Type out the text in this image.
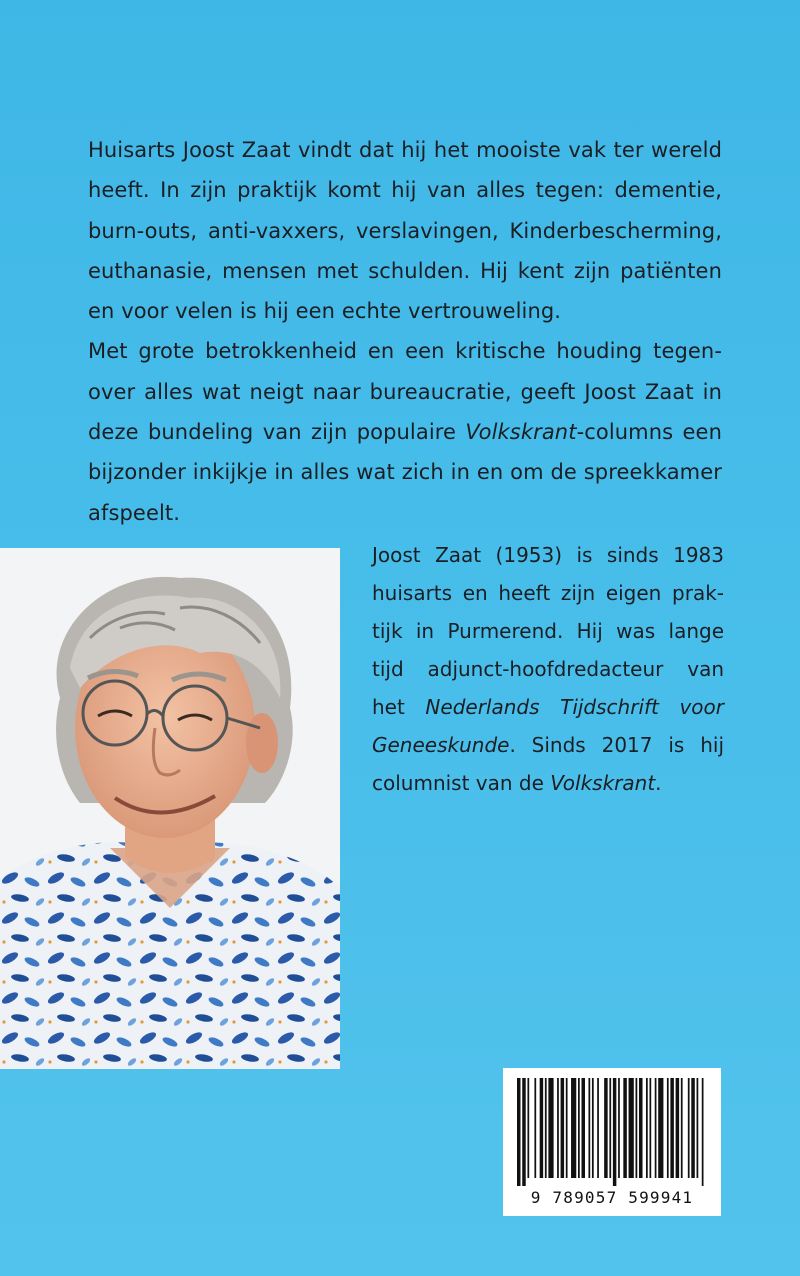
Huisarts Joost Zaat vindt dat hij het mooiste vak ter wereld
heeft. In zijn praktijk komt hij van alles tegen: dementie,
burn-outs, anti-vaxxers, verslavingen, Kinderbescherming,
euthanasie, mensen met schulden. Hij kent zijn patiënten
en voor velen is hij een echte vertrouweling.

Met grote betrokkenheid en een kritische houding tegen-
over alles wat neigt naar bureaucratie, geeft Joost Zaat in
deze bundeling van zijn populaire Volkskrant-columns een
bijzonder inkijkje in alles wat zich in en om de spreekkamer
afspeelt.

Joost Zaat (1953) is sinds 1983
huisarts en heeft zijn eigen prak-
tijk in Purmerend. Hij was lange
tijd adjunct-hoofdredacteur van
het Nederlands Tijdschrift voor
Geneeskunde. Sinds 2017 is hij
columnist van de Volkskrant.

9 789057 599941
